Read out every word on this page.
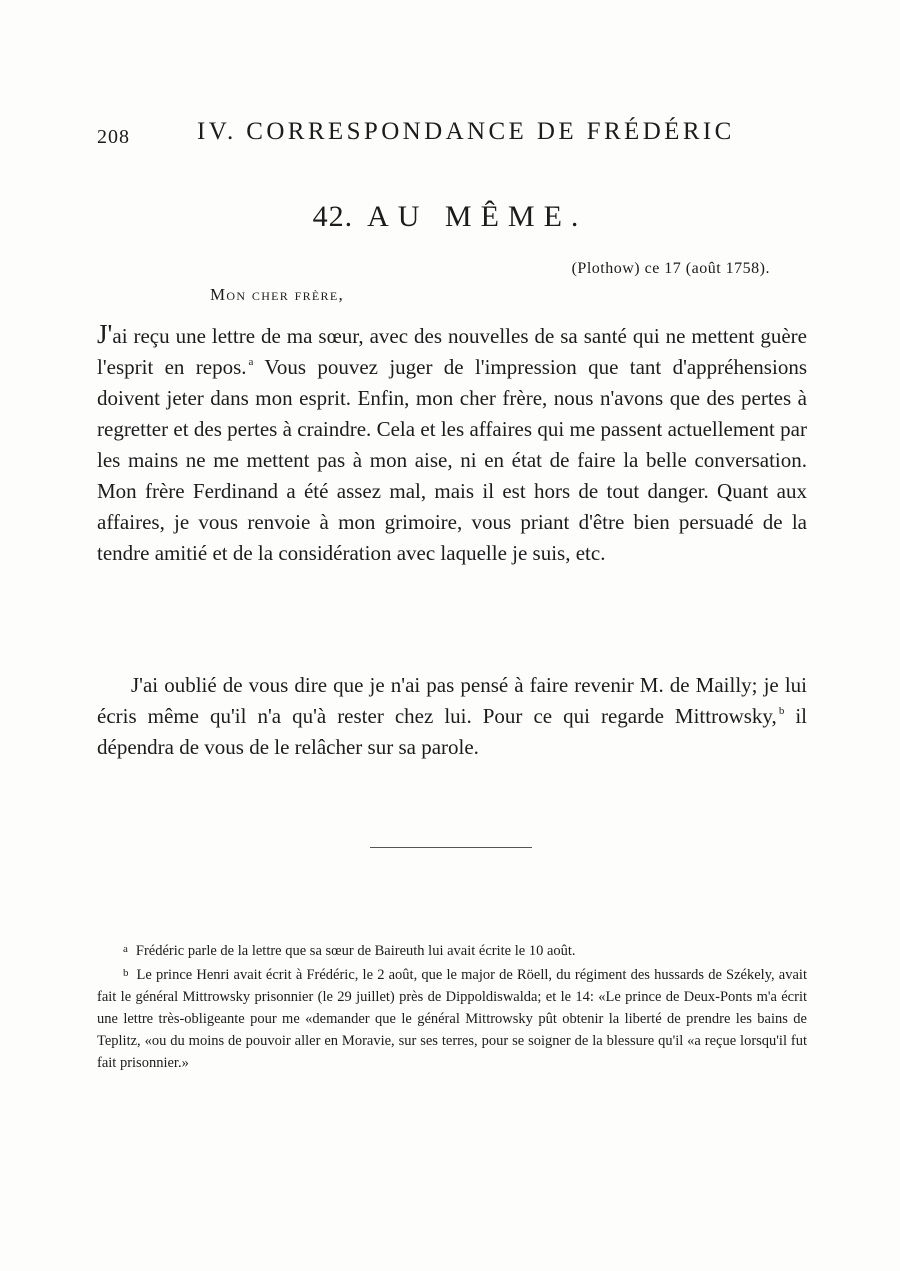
208	IV. CORRESPONDANCE DE FRÉDÉRIC
42. AU MÊME.
(Plothow) ce 17 (août 1758).
Mon cher frère,

J'ai reçu une lettre de ma sœur, avec des nouvelles de sa santé qui ne mettent guère l'esprit en repos. $^a$ Vous pouvez juger de l'impression que tant d'appréhensions doivent jeter dans mon esprit. Enfin, mon cher frère, nous n'avons que des pertes à regretter et des pertes à craindre. Cela et les affaires qui me passent actuellement par les mains ne me mettent pas à mon aise, ni en état de faire la belle conversation. Mon frère Ferdinand a été assez mal, mais il est hors de tout danger. Quant aux affaires, je vous renvoie à mon grimoire, vous priant d'être bien persuadé de la tendre amitié et de la considération avec laquelle je suis, etc.

J'ai oublié de vous dire que je n'ai pas pensé à faire revenir M. de Mailly; je lui écris même qu'il n'a qu'à rester chez lui. Pour ce qui regarde Mittrowsky, $^b$ il dépendra de vous de le relâcher sur sa parole.

$^a$ Frédéric parle de la lettre que sa sœur de Baireuth lui avait écrite le 10 août.

$^b$ Le prince Henri avait écrit à Frédéric, le 2 août, que le major de Röell, du régiment des hussards de Székely, avait fait le général Mittrowsky prisonnier (le 29 juillet) près de Dippoldiswalda; et le 14: «Le prince de Deux-Ponts m'a écrit une lettre très-obligeante pour me «demander que le général Mittrowsky pût obtenir la liberté de prendre les bains de Teplitz, «ou du moins de pouvoir aller en Moravie, sur ses terres, pour se soigner de la blessure qu'il «a reçue lorsqu'il fut fait prisonnier.»
